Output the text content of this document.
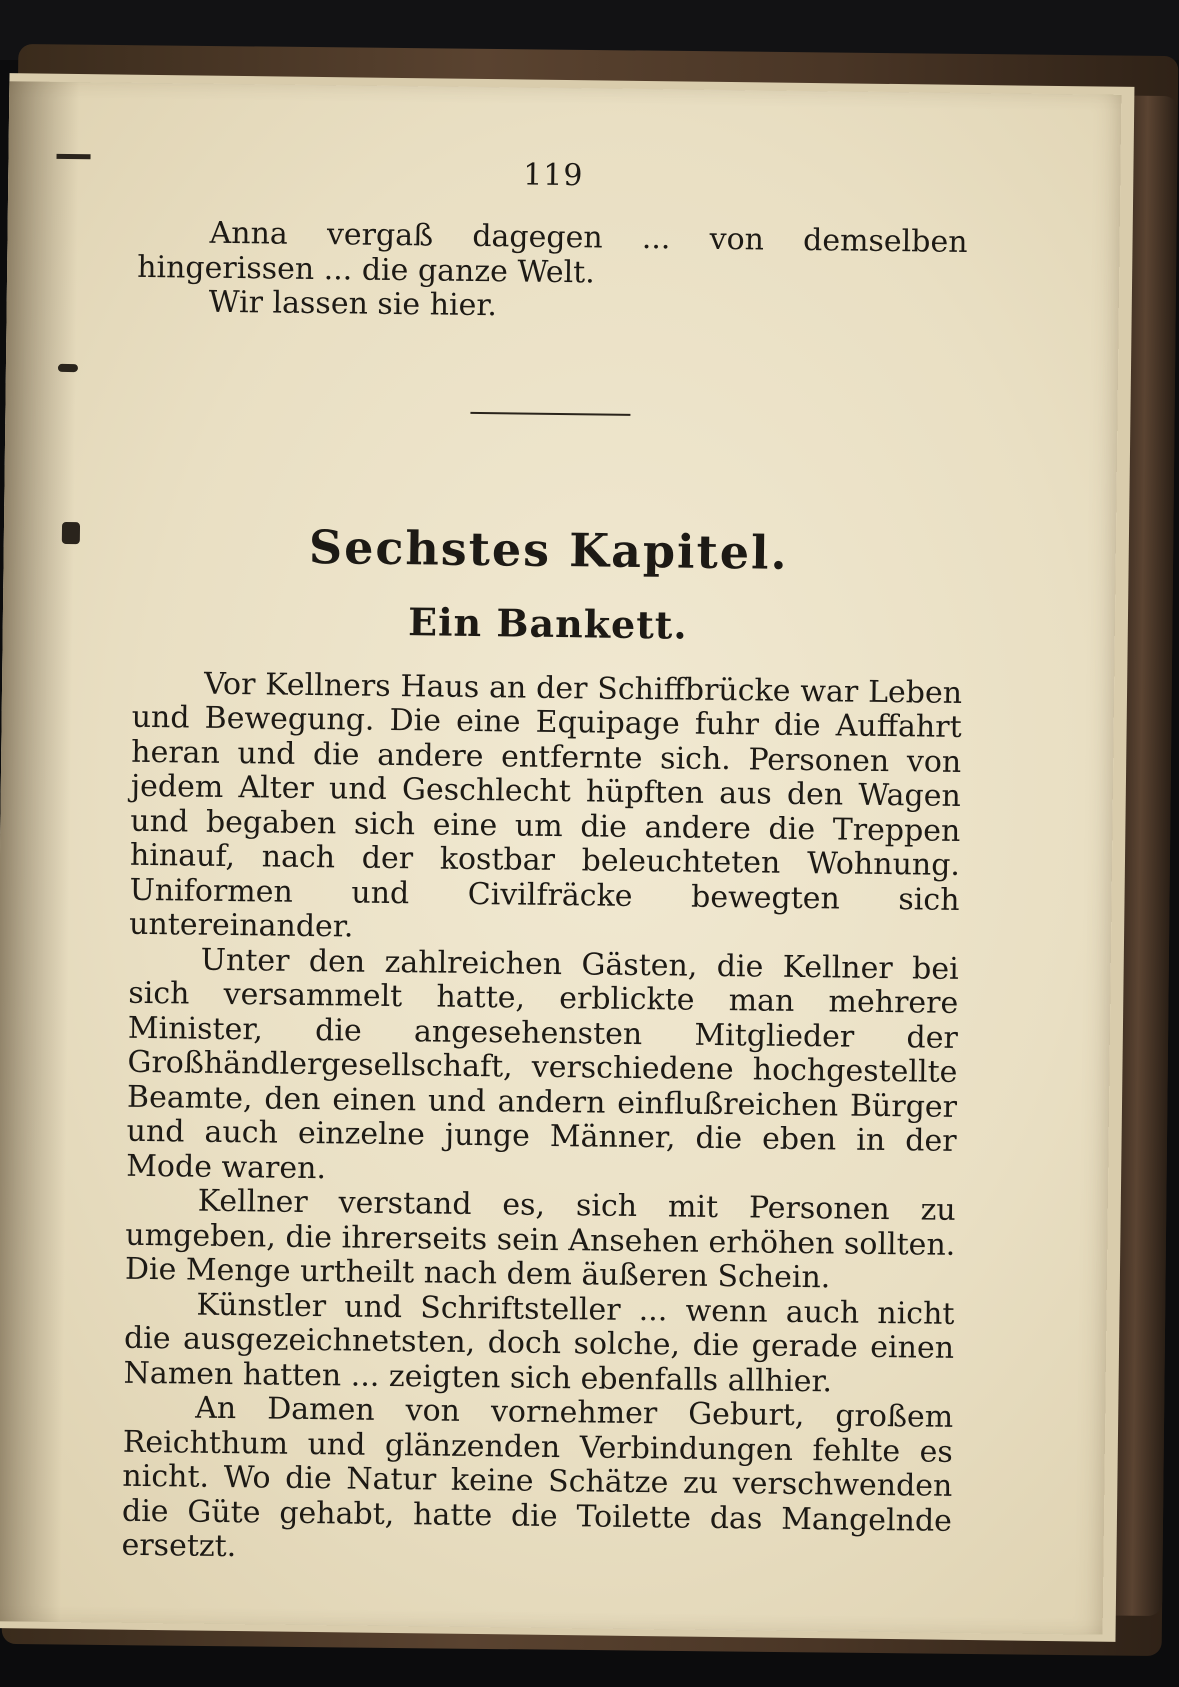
119

Anna vergaß dagegen ... von demselben hingerissen ... die ganze Welt.

Wir lassen sie hier.

Sechstes Kapitel.
Ein Bankett.

Vor Kellners Haus an der Schiffbrücke war Leben und Bewegung. Die eine Equipage fuhr die Auffahrt heran und die andere entfernte sich. Personen von jedem Alter und Geschlecht hüpften aus den Wagen und begaben sich eine um die andere die Treppen hinauf, nach der kostbar beleuchteten Wohnung. Uniformen und Civilfräcke bewegten sich untereinander.

Unter den zahlreichen Gästen, die Kellner bei sich versammelt hatte, erblickte man mehrere Minister, die angesehensten Mitglieder der Großhändlergesellschaft, verschiedene hochgestellte Beamte, den einen und andern einflußreichen Bürger und auch einzelne junge Männer, die eben in der Mode waren.

Kellner verstand es, sich mit Personen zu umgeben, die ihrerseits sein Ansehen erhöhen sollten. Die Menge urtheilt nach dem äußeren Schein.

Künstler und Schriftsteller ... wenn auch nicht die ausgezeichnetsten, doch solche, die gerade einen Namen hatten ... zeigten sich ebenfalls allhier.

An Damen von vornehmer Geburt, großem Reichthum und glänzenden Verbindungen fehlte es nicht. Wo die Natur keine Schätze zu verschwenden die Güte gehabt, hatte die Toilette das Mangelnde ersetzt.
